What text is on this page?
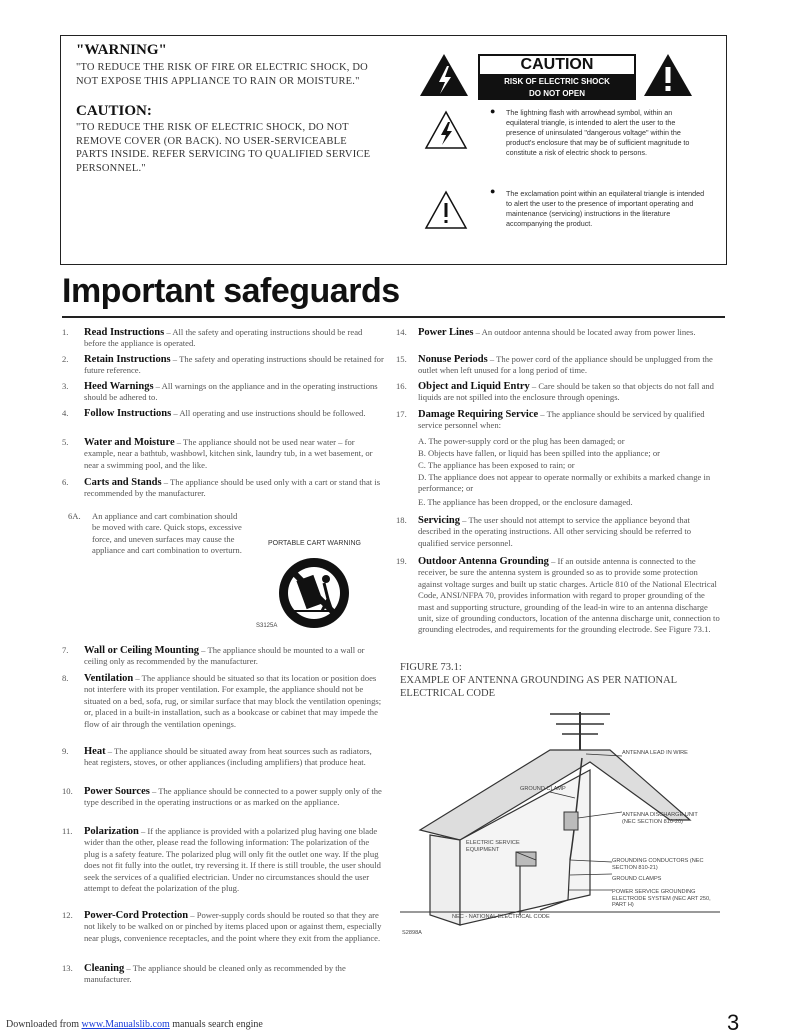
"WARNING"
"TO REDUCE THE RISK OF FIRE OR ELECTRIC SHOCK, DO NOT EXPOSE THIS APPLIANCE TO RAIN OR MOISTURE."
CAUTION:
"TO REDUCE THE RISK OF ELECTRIC SHOCK, DO NOT REMOVE COVER (OR BACK). NO USER-SERVICEABLE PARTS INSIDE. REFER SERVICING TO QUALIFIED SERVICE PERSONNEL."
CAUTION
RISK OF ELECTRIC SHOCK
DO NOT OPEN
● The lightning flash with arrowhead symbol, within an equilateral triangle, is intended to alert the user to the presence of uninsulated "dangerous voltage" within the product's enclosure that may be of sufficient magnitude to constitute a risk of electric shock to persons.
● The exclamation point within an equilateral triangle is intended to alert the user to the presence of important operating and maintenance (servicing) instructions in the literature accompanying the product.
Important safeguards
1. Read Instructions – All the safety and operating instructions should be read before the appliance is operated.
2. Retain Instructions – The safety and operating instructions should be retained for future reference.
3. Heed Warnings – All warnings on the appliance and in the operating instructions should be adhered to.
4. Follow Instructions – All operating and use instructions should be followed.
5. Water and Moisture – The appliance should not be used near water – for example, near a bathtub, washbowl, kitchen sink, laundry tub, in a wet basement, or near a swimming pool, and the like.
6. Carts and Stands – The appliance should be used only with a cart or stand that is recommended by the manufacturer.
6A. An appliance and cart combination should be moved with care. Quick stops, excessive force, and uneven surfaces may cause the appliance and cart combination to overturn.
PORTABLE CART WARNING
S3125A
7. Wall or Ceiling Mounting – The appliance should be mounted to a wall or ceiling only as recommended by the manufacturer.
8. Ventilation – The appliance should be situated so that its location or position does not interfere with its proper ventilation. For example, the appliance should not be situated on a bed, sofa, rug, or similar surface that may block the ventilation openings; or, placed in a built-in installation, such as a bookcase or cabinet that may impede the flow of air through the ventilation openings.
9. Heat – The appliance should be situated away from heat sources such as radiators, heat registers, stoves, or other appliances (including amplifiers) that produce heat.
10. Power Sources – The appliance should be connected to a power supply only of the type described in the operating instructions or as marked on the appliance.
11. Polarization – If the appliance is provided with a polarized plug having one blade wider than the other, please read the following information: The polarization of the plug is a safety feature. The polarized plug will only fit the outlet one way. If the plug does not fit fully into the outlet, try reversing it. If there is still trouble, the user should seek the services of a qualified electrician. Under no circumstances should the user attempt to defeat the polarization of the plug.
12. Power-Cord Protection – Power-supply cords should be routed so that they are not likely to be walked on or pinched by items placed upon or against them, especially near plugs, convenience receptacles, and the point where they exit from the appliance.
13. Cleaning – The appliance should be cleaned only as recommended by the manufacturer.
14. Power Lines – An outdoor antenna should be located away from power lines.
15. Nonuse Periods – The power cord of the appliance should be unplugged from the outlet when left unused for a long period of time.
16. Object and Liquid Entry – Care should be taken so that objects do not fall and liquids are not spilled into the enclosure through openings.
17. Damage Requiring Service – The appliance should be serviced by qualified service personnel when:
A. The power-supply cord or the plug has been damaged; or
B. Objects have fallen, or liquid has been spilled into the appliance; or
C. The appliance has been exposed to rain; or
D. The appliance does not appear to operate normally or exhibits a marked change in performance; or
E. The appliance has been dropped, or the enclosure damaged.
18. Servicing – The user should not attempt to service the appliance beyond that described in the operating instructions. All other servicing should be referred to qualified service personnel.
19. Outdoor Antenna Grounding – If an outside antenna is connected to the receiver, be sure the antenna system is grounded so as to provide some protection against voltage surges and built up static charges. Article 810 of the National Electrical Code, ANSI/NFPA 70, provides information with regard to proper grounding of the mast and supporting structure, grounding of the lead-in wire to an antenna discharge unit, size of grounding conductors, location of the antenna discharge unit, connection to grounding electrodes, and requirements for the grounding electrode. See Figure 73.1.
FIGURE 73.1:
EXAMPLE OF ANTENNA GROUNDING AS PER NATIONAL ELECTRICAL CODE
ANTENNA LEAD IN WIRE
GROUND CLAMP
ANTENNA DISCHARGE UNIT (NEC SECTION 810-20)
ELECTRIC SERVICE EQUIPMENT
GROUNDING CONDUCTORS (NEC SECTION 810-21)
GROUND CLAMPS
POWER SERVICE GROUNDING ELECTRODE SYSTEM (NEC ART 250, PART H)
NEC - NATIONAL ELECTRICAL CODE
S2898A
Downloaded from www.Manualslib.com manuals search engine	3
